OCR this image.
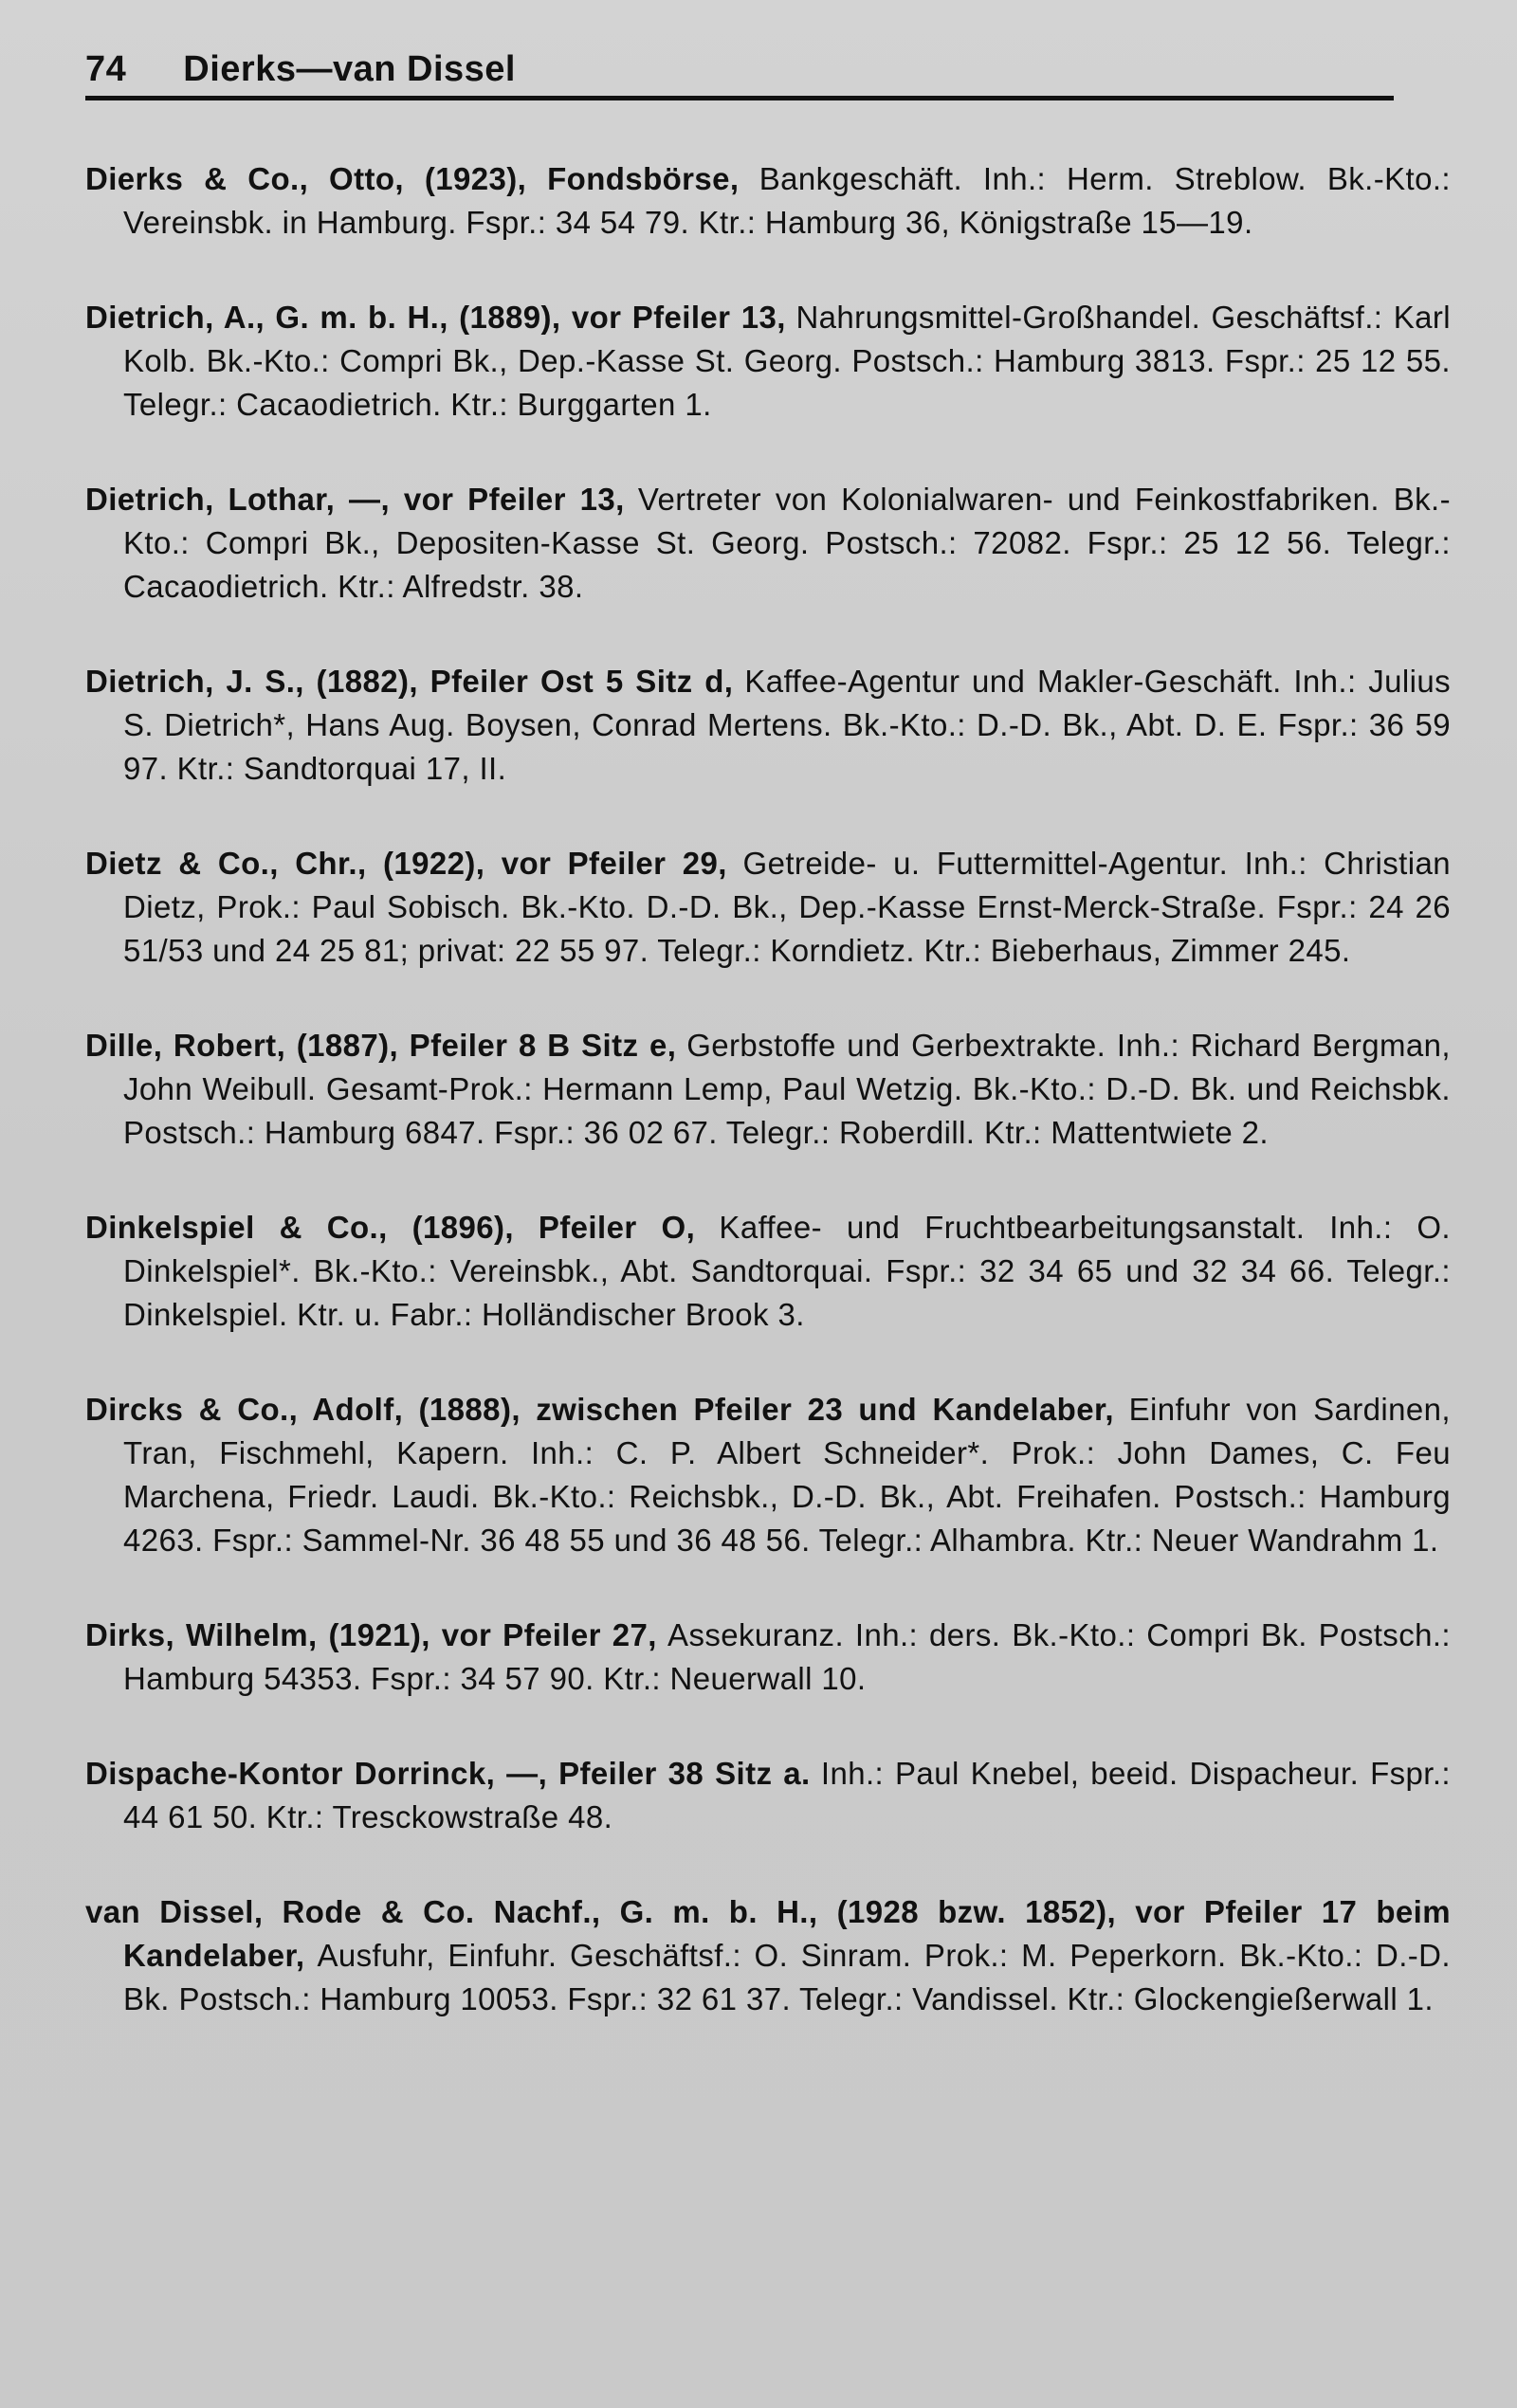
74 Dierks—van Dissel

Dierks & Co., Otto, (1923), Fondsbörse, Bankgeschäft. Inh.: Herm. Streblow. Bk.-Kto.: Vereinsbk. in Hamburg. Fspr.: 34 54 79. Ktr.: Hamburg 36, Königstraße 15—19.

Dietrich, A., G. m. b. H., (1889), vor Pfeiler 13, Nahrungsmittel-Großhandel. Geschäftsf.: Karl Kolb. Bk.-Kto.: Compri Bk., Dep.-Kasse St. Georg. Postsch.: Hamburg 3813. Fspr.: 25 12 55. Telegr.: Cacaodietrich. Ktr.: Burggarten 1.

Dietrich, Lothar, —, vor Pfeiler 13, Vertreter von Kolonialwaren- und Feinkostfabriken. Bk.-Kto.: Compri Bk., Depositen-Kasse St. Georg. Postsch.: 72082. Fspr.: 25 12 56. Telegr.: Cacaodietrich. Ktr.: Alfredstr. 38.

Dietrich, J. S., (1882), Pfeiler Ost 5 Sitz d, Kaffee-Agentur und Makler-Geschäft. Inh.: Julius S. Dietrich*, Hans Aug. Boysen, Conrad Mertens. Bk.-Kto.: D.-D. Bk., Abt. D. E. Fspr.: 36 59 97. Ktr.: Sandtorquai 17, II.

Dietz & Co., Chr., (1922), vor Pfeiler 29, Getreide- u. Futtermittel-Agentur. Inh.: Christian Dietz, Prok.: Paul Sobisch. Bk.-Kto. D.-D. Bk., Dep.-Kasse Ernst-Merck-Straße. Fspr.: 24 26 51/53 und 24 25 81; privat: 22 55 97. Telegr.: Korndietz. Ktr.: Bieberhaus, Zimmer 245.

Dille, Robert, (1887), Pfeiler 8 B Sitz e, Gerbstoffe und Gerbextrakte. Inh.: Richard Bergman, John Weibull. Gesamt-Prok.: Hermann Lemp, Paul Wetzig. Bk.-Kto.: D.-D. Bk. und Reichsbk. Postsch.: Hamburg 6847. Fspr.: 36 02 67. Telegr.: Roberdill. Ktr.: Mattentwiete 2.

Dinkelspiel & Co., (1896), Pfeiler O, Kaffee- und Fruchtbearbeitungsanstalt. Inh.: O. Dinkelspiel*. Bk.-Kto.: Vereinsbk., Abt. Sandtorquai. Fspr.: 32 34 65 und 32 34 66. Telegr.: Dinkelspiel. Ktr. u. Fabr.: Holländischer Brook 3.

Dircks & Co., Adolf, (1888), zwischen Pfeiler 23 und Kandelaber, Einfuhr von Sardinen, Tran, Fischmehl, Kapern. Inh.: C. P. Albert Schneider*. Prok.: John Dames, C. Feu Marchena, Friedr. Laudi. Bk.-Kto.: Reichsbk., D.-D. Bk., Abt. Freihafen. Postsch.: Hamburg 4263. Fspr.: Sammel-Nr. 36 48 55 und 36 48 56. Telegr.: Alhambra. Ktr.: Neuer Wandrahm 1.

Dirks, Wilhelm, (1921), vor Pfeiler 27, Assekuranz. Inh.: ders. Bk.-Kto.: Compri Bk. Postsch.: Hamburg 54353. Fspr.: 34 57 90. Ktr.: Neuerwall 10.

Dispache-Kontor Dorrinck, —, Pfeiler 38 Sitz a. Inh.: Paul Knebel, beeid. Dispacheur. Fspr.: 44 61 50. Ktr.: Tresckowstraße 48.

van Dissel, Rode & Co. Nachf., G. m. b. H., (1928 bzw. 1852), vor Pfeiler 17 beim Kandelaber, Ausfuhr, Einfuhr. Geschäftsf.: O. Sinram. Prok.: M. Peperkorn. Bk.-Kto.: D.-D. Bk. Postsch.: Hamburg 10053. Fspr.: 32 61 37. Telegr.: Vandissel. Ktr.: Glockengießerwall 1.
